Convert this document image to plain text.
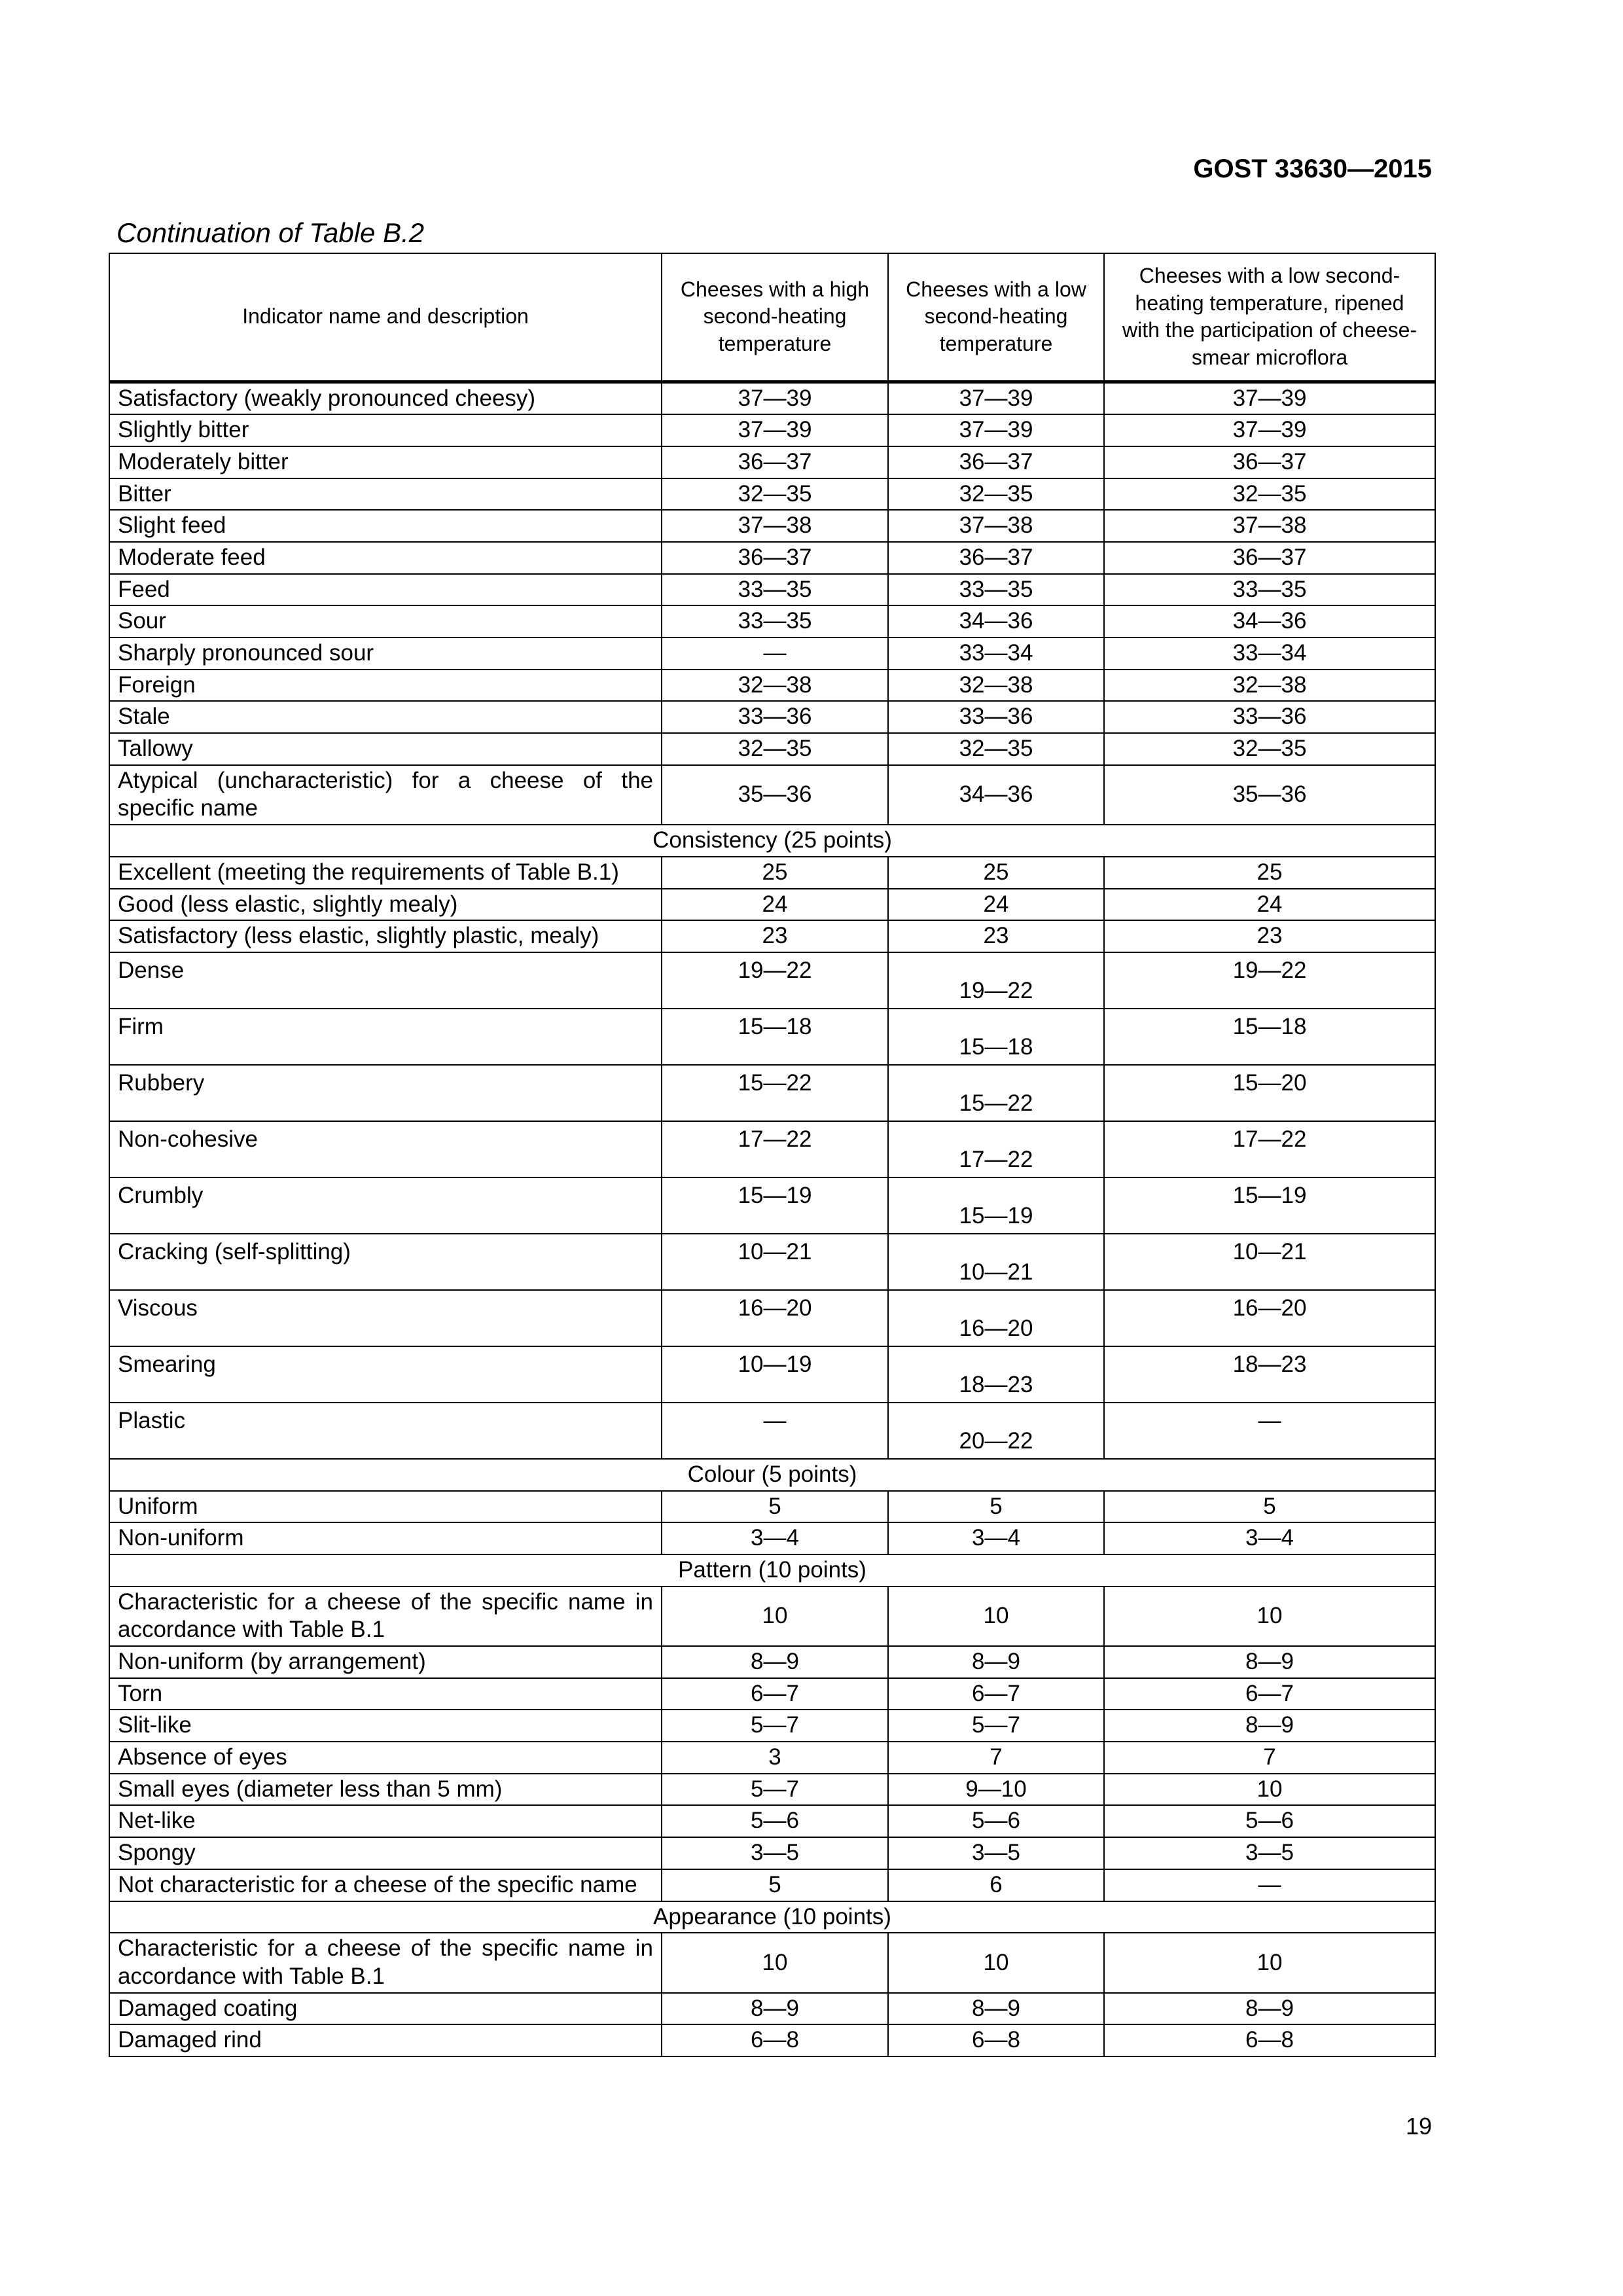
GOST 33630—2015
Continuation of Table B.2
Indicator name and description	Cheeses with a high second-heating temperature	Cheeses with a low second-heating temperature	Cheeses with a low second-heating temperature, ripened with the participation of cheese-smear microflora
Satisfactory (weakly pronounced cheesy)	37—39	37—39	37—39
Slightly bitter	37—39	37—39	37—39
Moderately bitter	36—37	36—37	36—37
Bitter	32—35	32—35	32—35
Slight feed	37—38	37—38	37—38
Moderate feed	36—37	36—37	36—37
Feed	33—35	33—35	33—35
Sour	33—35	34—36	34—36
Sharply pronounced sour	—	33—34	33—34
Foreign	32—38	32—38	32—38
Stale	33—36	33—36	33—36
Tallowy	32—35	32—35	32—35
Atypical (uncharacteristic) for a cheese of the specific name	35—36	34—36	35—36
Consistency (25 points)			
Excellent (meeting the requirements of Table B.1)	25	25	25
Good (less elastic, slightly mealy)	24	24	24
Satisfactory (less elastic, slightly plastic, mealy)	23	23	23
Dense	19—22	19—22	19—22
Firm	15—18	15—18	15—18
Rubbery	15—22	15—22	15—20
Non-cohesive	17—22	17—22	17—22
Crumbly	15—19	15—19	15—19
Cracking (self-splitting)	10—21	10—21	10—21
Viscous	16—20	16—20	16—20
Smearing	10—19	18—23	18—23
Plastic	—	20—22	—
Colour (5 points)			
Uniform	5	5	5
Non-uniform	3—4	3—4	3—4
Pattern (10 points)			
Characteristic for a cheese of the specific name in accordance with Table B.1	10	10	10
Non-uniform (by arrangement)	8—9	8—9	8—9
Torn	6—7	6—7	6—7
Slit-like	5—7	5—7	8—9
Absence of eyes	3	7	7
Small eyes (diameter less than 5 mm)	5—7	9—10	10
Net-like	5—6	5—6	5—6
Spongy	3—5	3—5	3—5
Not characteristic for a cheese of the specific name	5	6	—
Appearance (10 points)			
Characteristic for a cheese of the specific name in accordance with Table B.1	10	10	10
Damaged coating	8—9	8—9	8—9
Damaged rind	6—8	6—8	6—8
19
